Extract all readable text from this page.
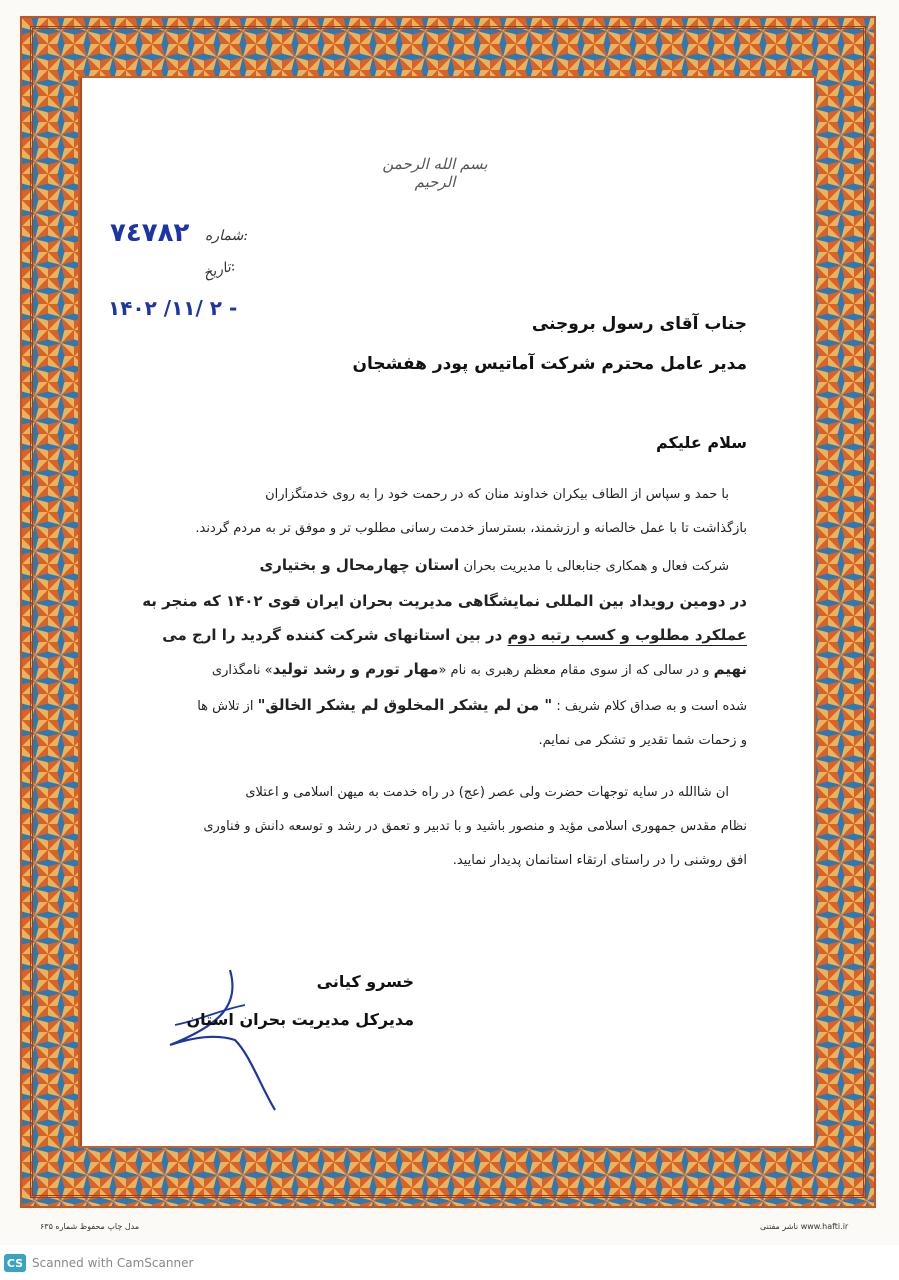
بسم الله الرحمن الرحیم
شماره:
۷٤۷۸۲
تاریخ:
۱۴۰۲ /۱۱/ ۲ -
جناب آقای رسول بروجنی
مدیر عامل محترم شرکت آماتیس پودر هفشجان
سلام علیکم
با حمد و سپاس از الطاف بیکران خداوند منان که در رحمت خود را به روی خدمتگزاران
بازگذاشت تا با عمل خالصانه و ارزشمند، بسترساز خدمت رسانی مطلوب تر و موفق تر به مردم گردند.
شرکت فعال و همکاری جنابعالی با مدیریت بحران استان چهارمحال و بختیاری
در دومین رویداد بین المللی نمایشگاهی مدیریت بحران ایران قوی ۱۴۰۲ که منجر به
عملکرد مطلوب و کسب رتبه دوم در بین استانهای شرکت کننده گردید را ارج می
نهیم و در سالی که از سوی مقام معظم رهبری به نام «مهار تورم و رشد تولید» نامگذاری
شده است و به صداق کلام شریف : " من لم یشکر المخلوق لم یشکر الخالق" از تلاش ها
و زحمات شما تقدیر و تشکر می نمایم.
ان شاالله در سایه توجهات حضرت ولی عصر (عج) در راه خدمت به میهن اسلامی و اعتلای
نظام مقدس جمهوری اسلامی مؤید و منصور باشید و با تدبیر و تعمق در رشد و توسعه دانش و فناوری
افق روشنی را در راستای ارتقاء استانمان پدیدار نمایید.
خسرو کیانی
مدیرکل مدیریت بحران استان
مدل چاپ محفوظ شماره ۶۳۵	www.hafti.ir ناشر مفتنی
CS Scanned with CamScanner
